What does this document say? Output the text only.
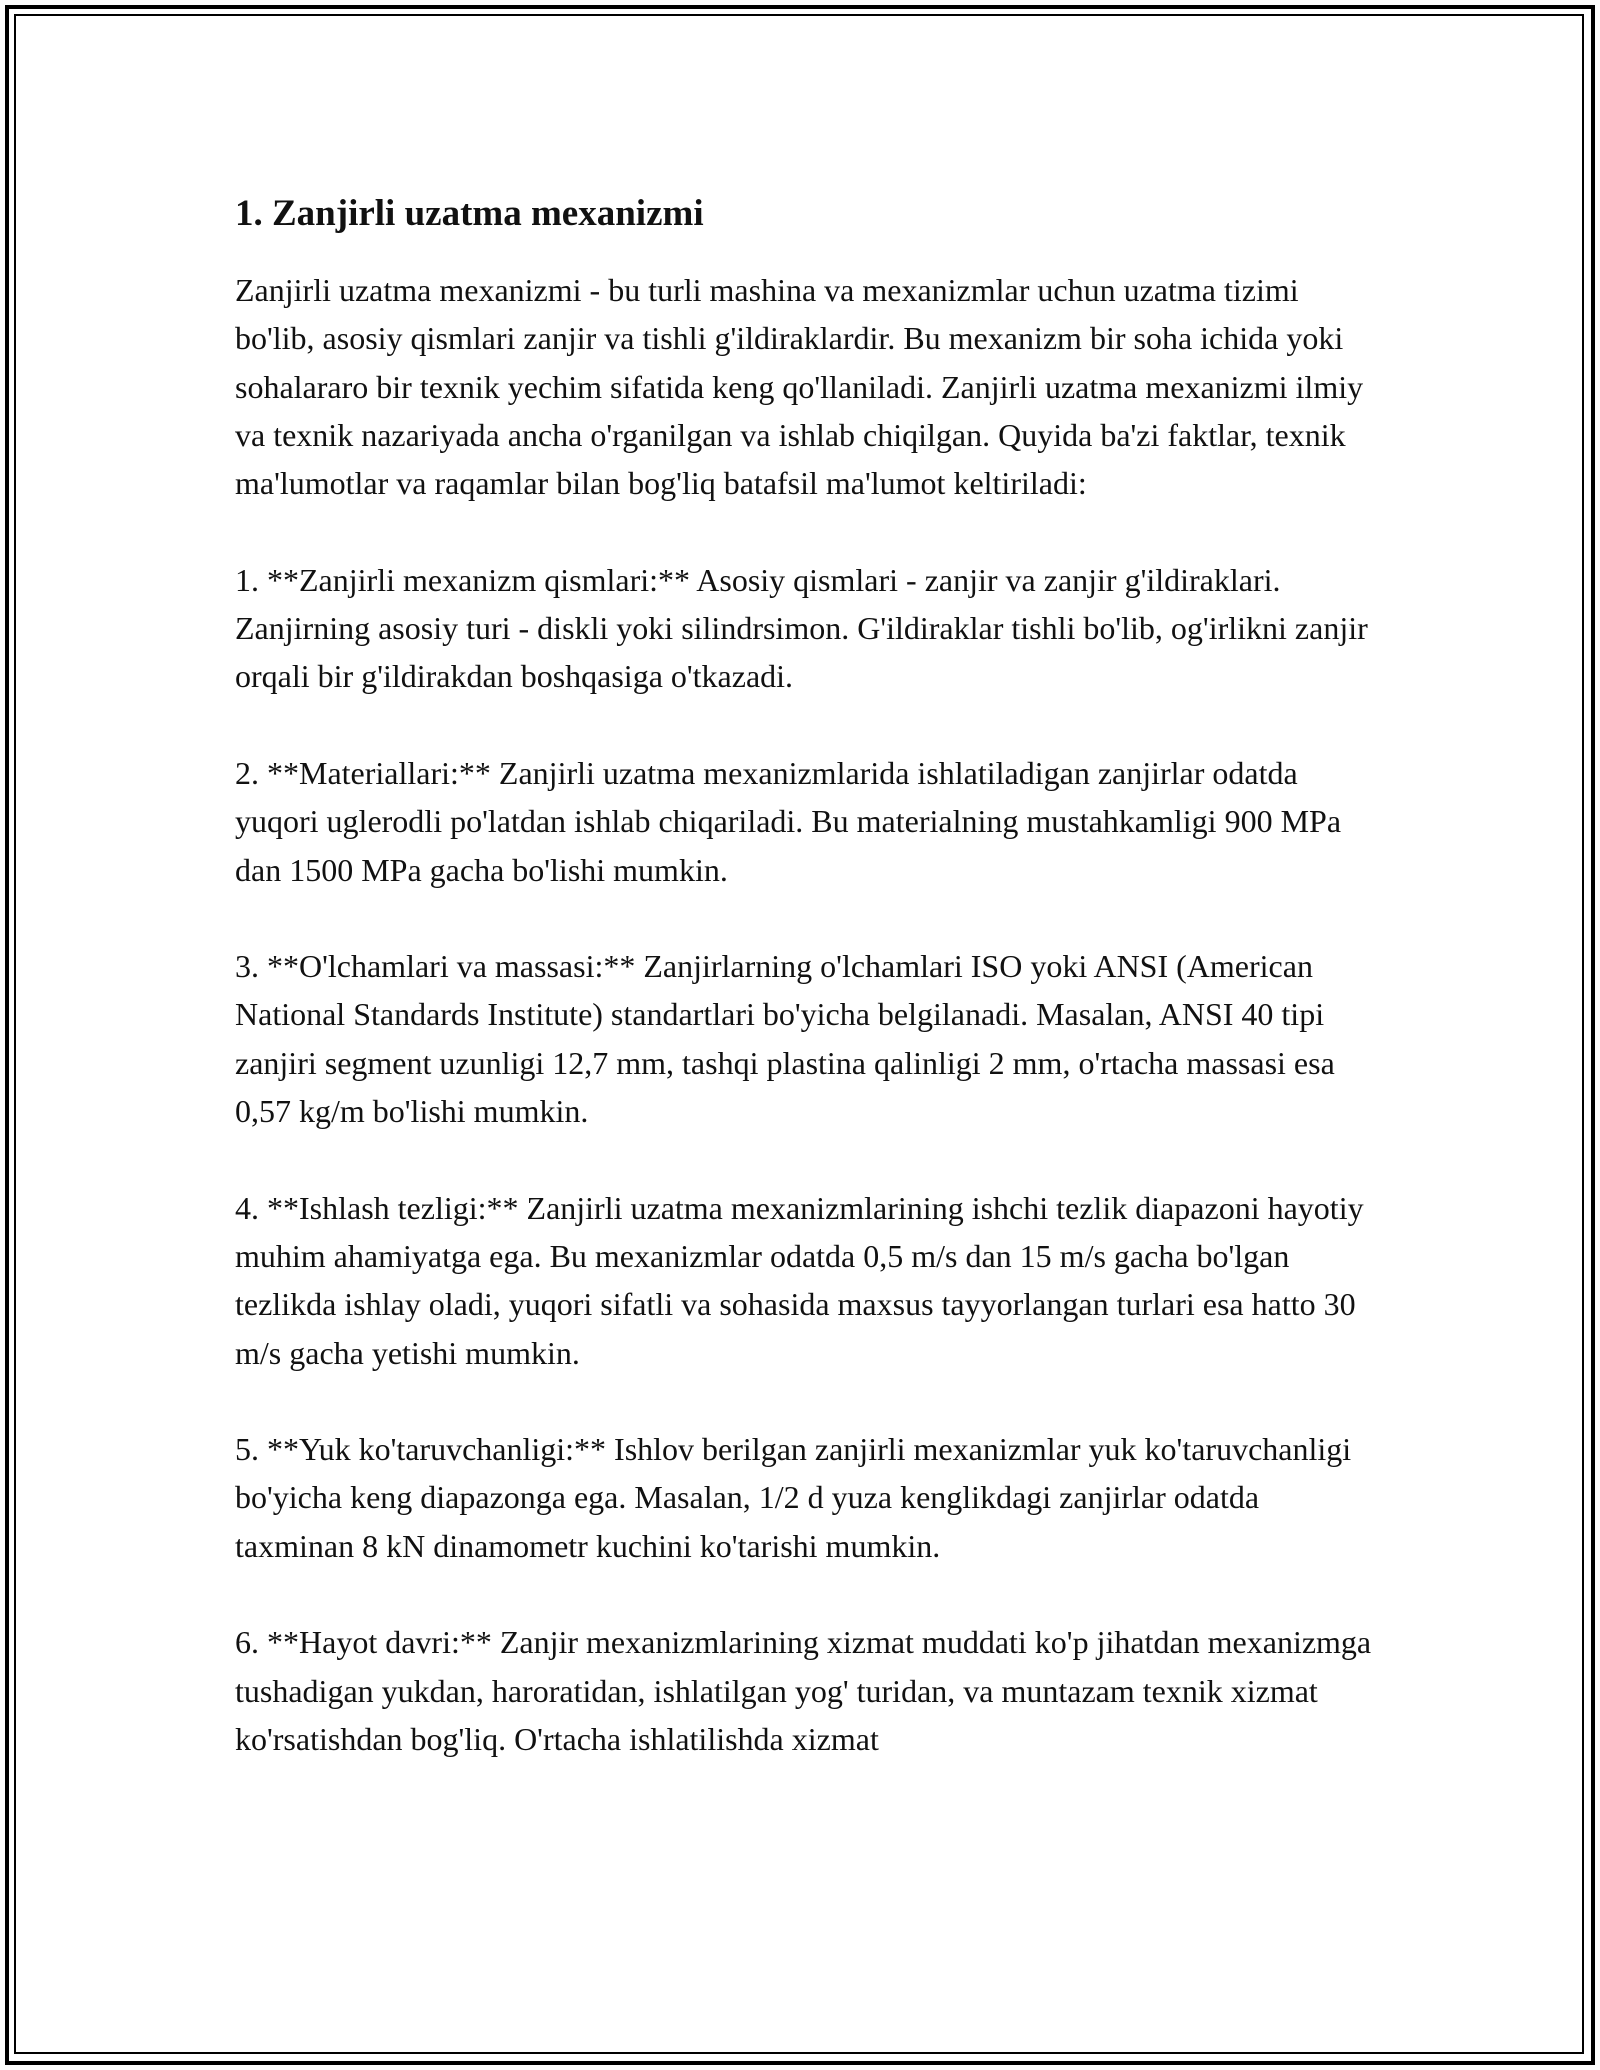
1. Zanjirli uzatma mexanizmi

Zanjirli uzatma mexanizmi - bu turli mashina va mexanizmlar uchun uzatma tizimi bo'lib, asosiy qismlari zanjir va tishli g'ildiraklardir. Bu mexanizm bir soha ichida yoki sohalararo bir texnik yechim sifatida keng qo'llaniladi. Zanjirli uzatma mexanizmi ilmiy va texnik nazariyada ancha o'rganilgan va ishlab chiqilgan. Quyida ba'zi faktlar, texnik ma'lumotlar va raqamlar bilan bog'liq batafsil ma'lumot keltiriladi:

1. **Zanjirli mexanizm qismlari:** Asosiy qismlari - zanjir va zanjir g'ildiraklari. Zanjirning asosiy turi - diskli yoki silindrsimon. G'ildiraklar tishli bo'lib, og'irlikni zanjir orqali bir g'ildirakdan boshqasiga o'tkazadi.

2. **Materiallari:** Zanjirli uzatma mexanizmlarida ishlatiladigan zanjirlar odatda yuqori uglerodli po'latdan ishlab chiqariladi. Bu materialning mustahkamligi 900 MPa dan 1500 MPa gacha bo'lishi mumkin.

3. **O'lchamlari va massasi:** Zanjirlarning o'lchamlari ISO yoki ANSI (American National Standards Institute) standartlari bo'yicha belgilanadi. Masalan, ANSI 40 tipi zanjiri segment uzunligi 12,7 mm, tashqi plastina qalinligi 2 mm, o'rtacha massasi esa 0,57 kg/m bo'lishi mumkin.

4. **Ishlash tezligi:** Zanjirli uzatma mexanizmlarining ishchi tezlik diapazoni hayotiy muhim ahamiyatga ega. Bu mexanizmlar odatda 0,5 m/s dan 15 m/s gacha bo'lgan tezlikda ishlay oladi, yuqori sifatli va sohasida maxsus tayyorlangan turlari esa hatto 30 m/s gacha yetishi mumkin.

5. **Yuk ko'taruvchanligi:** Ishlov berilgan zanjirli mexanizmlar yuk ko'taruvchanligi bo'yicha keng diapazonga ega. Masalan, 1/2 d yuza kenglikdagi zanjirlar odatda taxminan 8 kN dinamometr kuchini ko'tarishi mumkin.

6. **Hayot davri:** Zanjir mexanizmlarining xizmat muddati ko'p jihatdan mexanizmga tushadigan yukdan, haroratidan, ishlatilgan yog' turidan, va muntazam texnik xizmat ko'rsatishdan bog'liq. O'rtacha ishlatilishda xizmat
